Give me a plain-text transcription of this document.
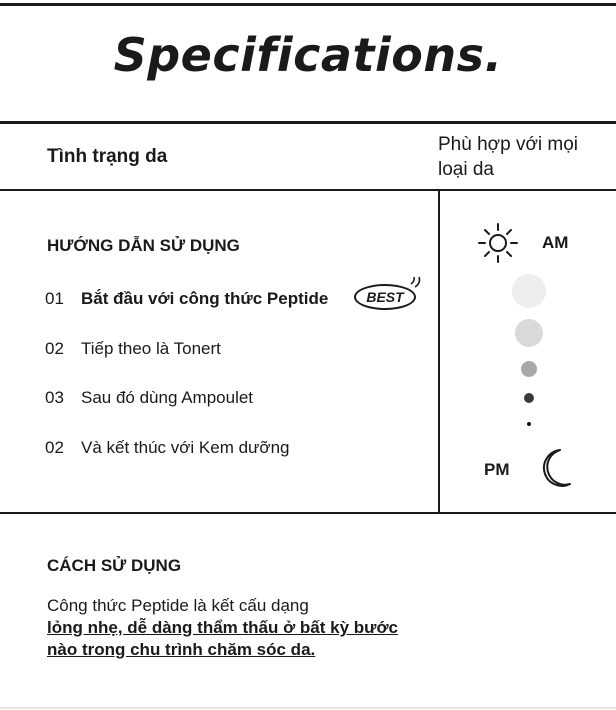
Specifications.
Tình trạng da
Phù hợp với mọi loại da
HƯỚNG DẪN SỬ DỤNG
01 Bắt đầu với công thức Peptide	BEST
02 Tiếp theo là Tonert
03 Sau đó dùng Ampoulet
02 Và kết thúc với Kem dưỡng
AM
PM
CÁCH SỬ DỤNG
Công thức Peptide là kết cấu dạng
lỏng nhẹ, dễ dàng thẩm thấu ở bất kỳ bước nào trong chu trình chăm sóc da.
